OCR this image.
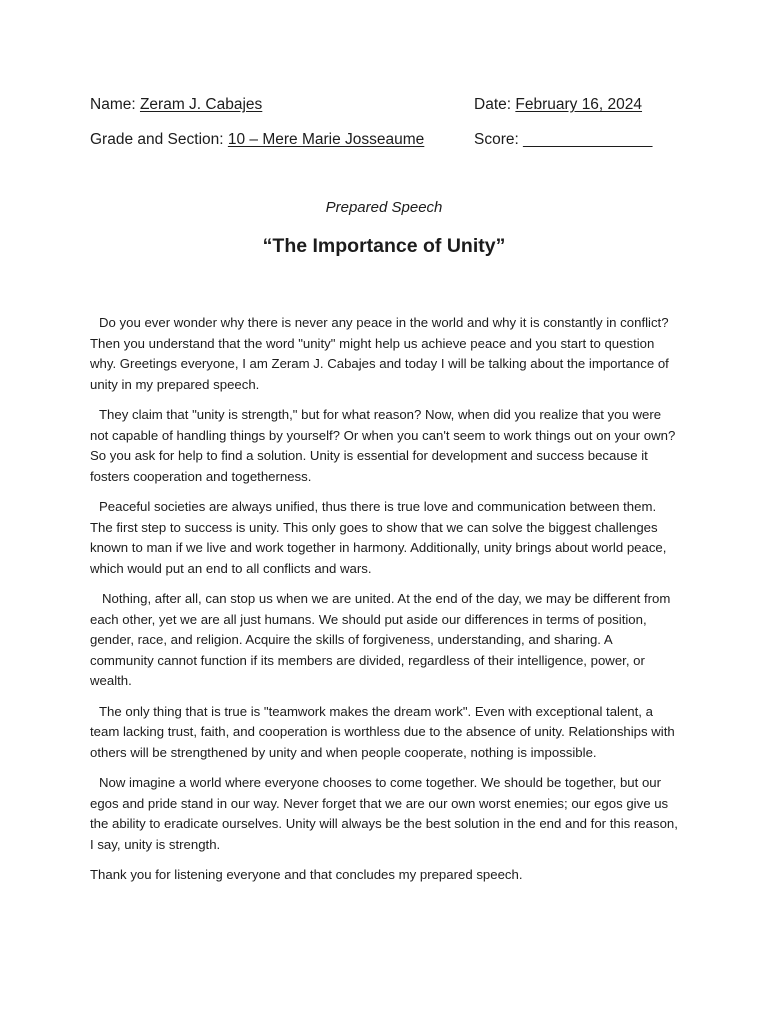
Name: Zeram J. Cabajes	Date: February 16, 2024
Grade and Section: 10 – Mere Marie Josseaume	Score: _______________
Prepared Speech
“The Importance of Unity”

Do you ever wonder why there is never any peace in the world and why it is constantly in conflict? Then you understand that the word "unity" might help us achieve peace and you start to question why. Greetings everyone, I am Zeram J. Cabajes and today I will be talking about the importance of unity in my prepared speech.

They claim that "unity is strength," but for what reason? Now, when did you realize that you were not capable of handling things by yourself? Or when you can't seem to work things out on your own? So you ask for help to find a solution. Unity is essential for development and success because it fosters cooperation and togetherness.

Peaceful societies are always unified, thus there is true love and communication between them. The first step to success is unity. This only goes to show that we can solve the biggest challenges known to man if we live and work together in harmony. Additionally, unity brings about world peace, which would put an end to all conflicts and wars.

Nothing, after all, can stop us when we are united. At the end of the day, we may be different from each other, yet we are all just humans. We should put aside our differences in terms of position, gender, race, and religion. Acquire the skills of forgiveness, understanding, and sharing. A community cannot function if its members are divided, regardless of their intelligence, power, or wealth.

The only thing that is true is "teamwork makes the dream work". Even with exceptional talent, a team lacking trust, faith, and cooperation is worthless due to the absence of unity. Relationships with others will be strengthened by unity and when people cooperate, nothing is impossible.

Now imagine a world where everyone chooses to come together. We should be together, but our egos and pride stand in our way. Never forget that we are our own worst enemies; our egos give us the ability to eradicate ourselves. Unity will always be the best solution in the end and for this reason, I say, unity is strength.

Thank you for listening everyone and that concludes my prepared speech.
